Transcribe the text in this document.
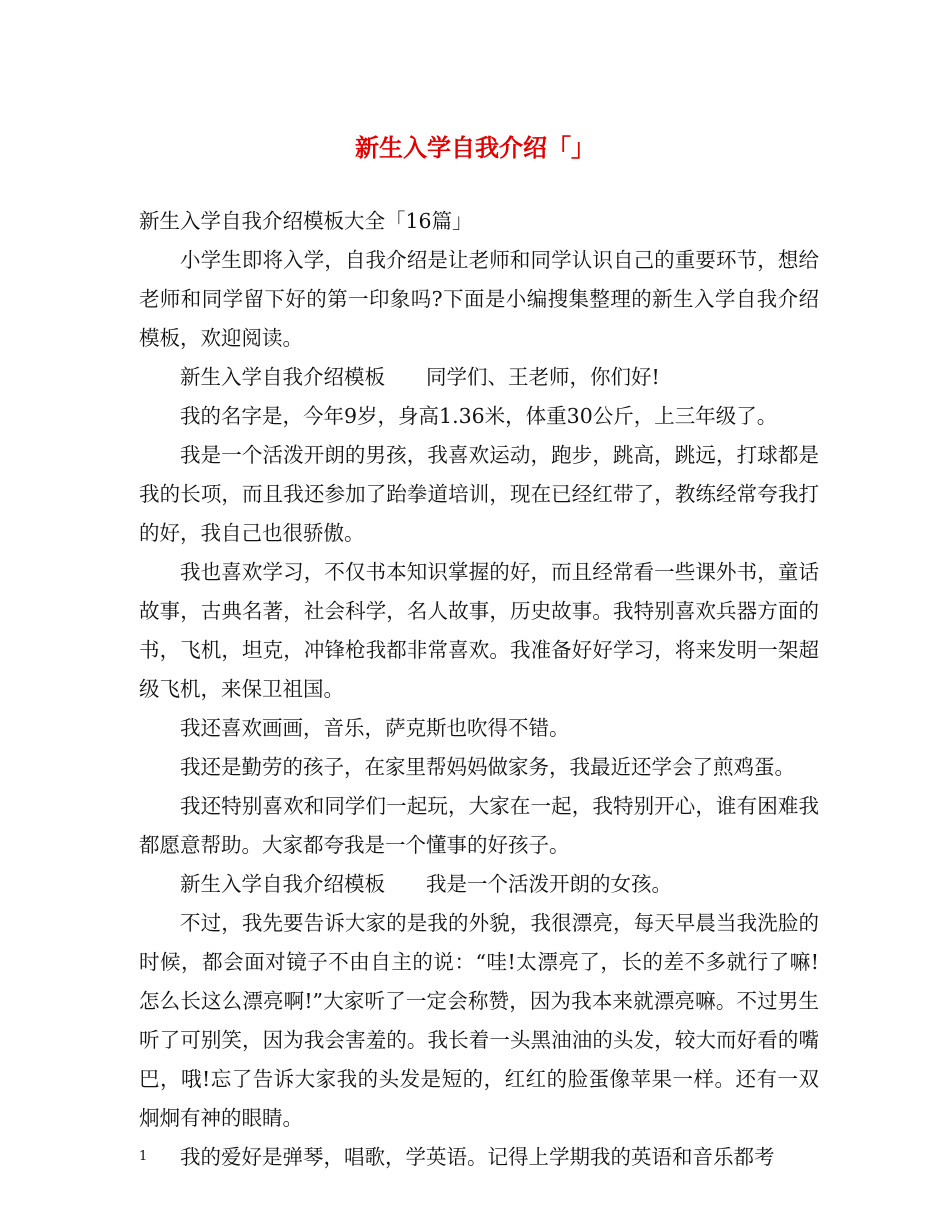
新生入学自我介绍「」

新生入学自我介绍模板大全「16篇」

小学生即将入学，自我介绍是让老师和同学认识自己的重要环节，想给老师和同学留下好的第一印象吗?下面是小编搜集整理的新生入学自我介绍模板，欢迎阅读。

新生入学自我介绍模板　　同学们、王老师，你们好!

我的名字是，今年9岁，身高1.36米，体重30公斤，上三年级了。

我是一个活泼开朗的男孩，我喜欢运动，跑步，跳高，跳远，打球都是我的长项，而且我还参加了跆拳道培训，现在已经红带了，教练经常夸我打的好，我自己也很骄傲。

我也喜欢学习，不仅书本知识掌握的好，而且经常看一些课外书，童话故事，古典名著，社会科学，名人故事，历史故事。我特别喜欢兵器方面的书，飞机，坦克，冲锋枪我都非常喜欢。我准备好好学习，将来发明一架超级飞机，来保卫祖国。

我还喜欢画画，音乐，萨克斯也吹得不错。

我还是勤劳的孩子，在家里帮妈妈做家务，我最近还学会了煎鸡蛋。

我还特别喜欢和同学们一起玩，大家在一起，我特别开心，谁有困难我都愿意帮助。大家都夸我是一个懂事的好孩子。

新生入学自我介绍模板　　我是一个活泼开朗的女孩。

不过，我先要告诉大家的是我的外貌，我很漂亮，每天早晨当我洗脸的时候，都会面对镜子不由自主的说：“哇!太漂亮了，长的差不多就行了嘛!怎么长这么漂亮啊!”大家听了一定会称赞，因为我本来就漂亮嘛。不过男生听了可别笑，因为我会害羞的。我长着一头黑油油的头发，较大而好看的嘴巴，哦!忘了告诉大家我的头发是短的，红红的脸蛋像苹果一样。还有一双炯炯有神的眼睛。

我的爱好是弹琴，唱歌，学英语。记得上学期我的英语和音乐都考

1
